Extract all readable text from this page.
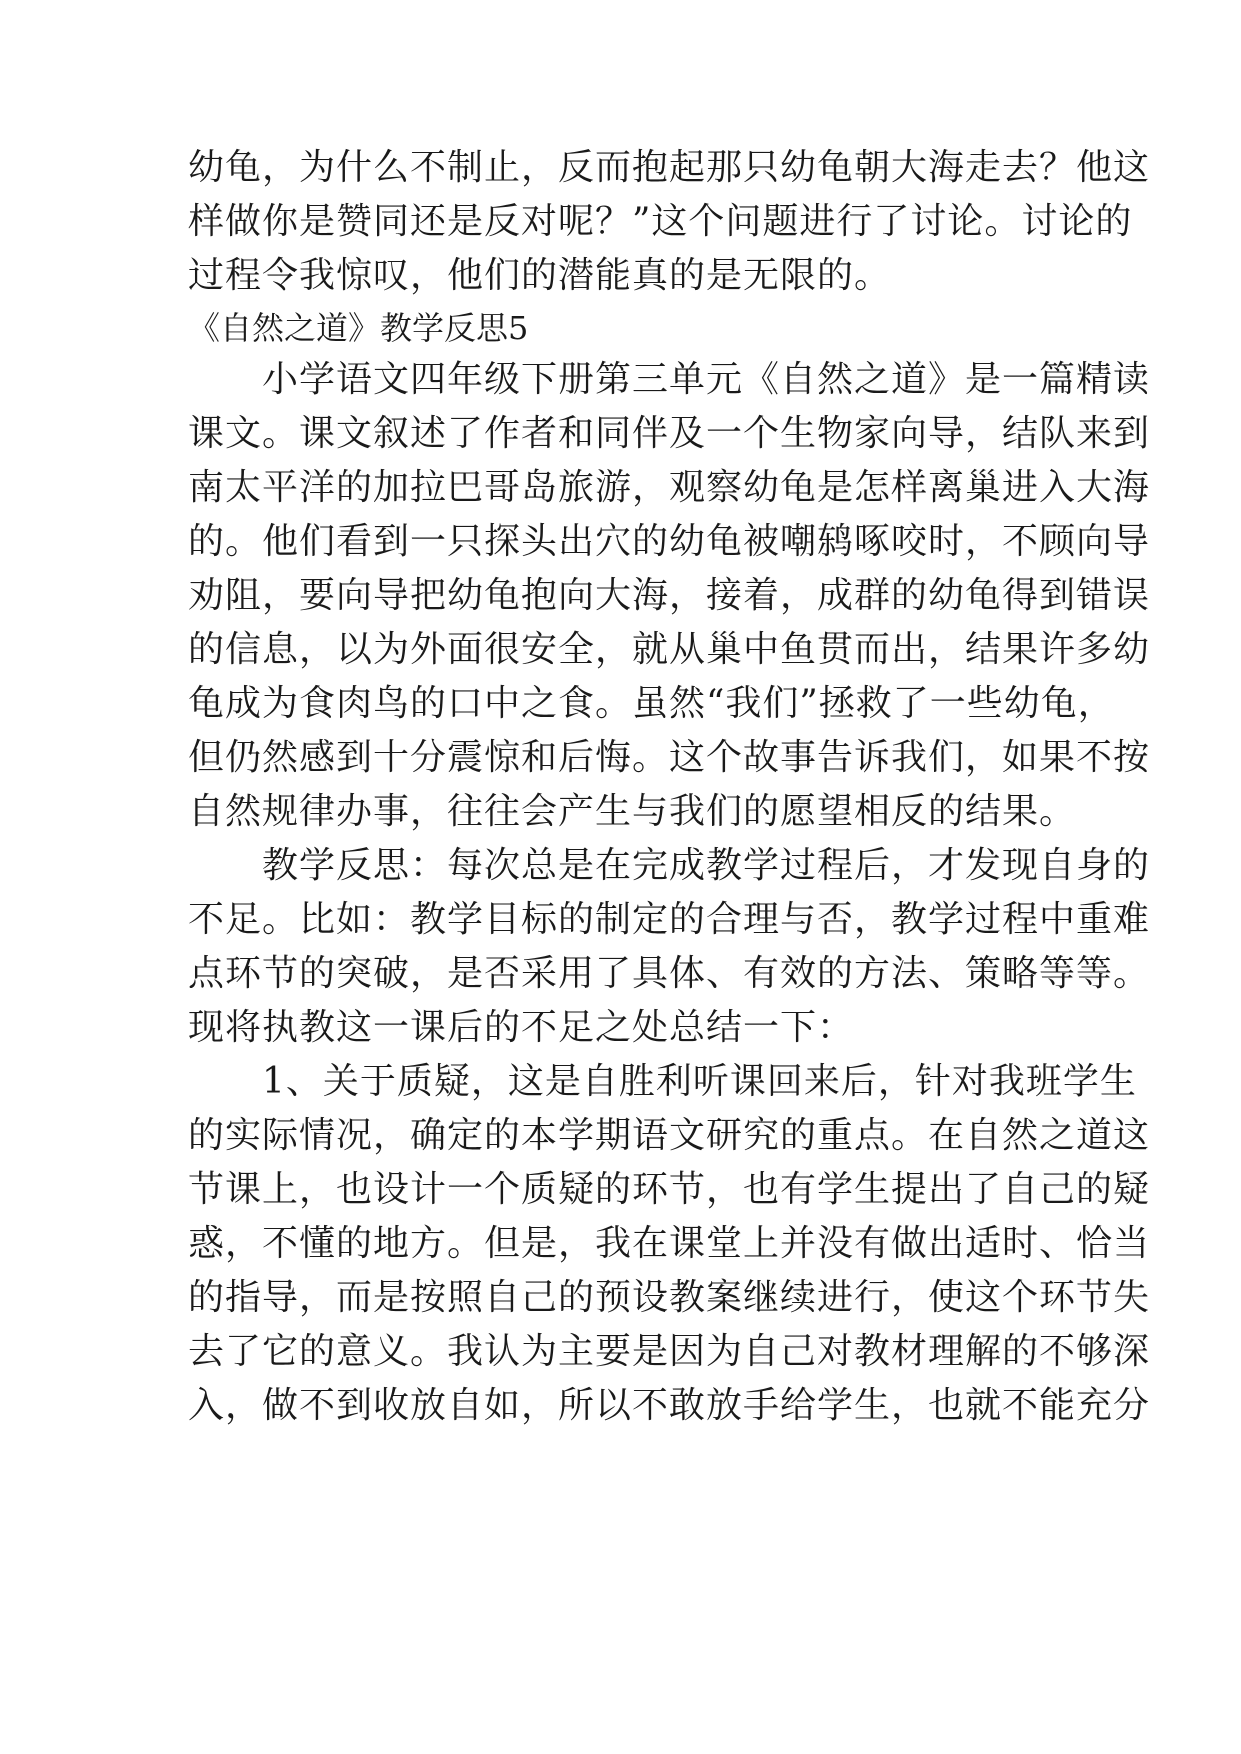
幼龟，为什么不制止，反而抱起那只幼龟朝大海走去？他这
样做你是赞同还是反对呢？”这个问题进行了讨论。讨论的
过程令我惊叹，他们的潜能真的是无限的。
《自然之道》教学反思5
　　小学语文四年级下册第三单元《自然之道》是一篇精读
课文。课文叙述了作者和同伴及一个生物家向导，结队来到
南太平洋的加拉巴哥岛旅游，观察幼龟是怎样离巢进入大海
的。他们看到一只探头出穴的幼龟被嘲鸫啄咬时，不顾向导
劝阻，要向导把幼龟抱向大海，接着，成群的幼龟得到错误
的信息，以为外面很安全，就从巢中鱼贯而出，结果许多幼
龟成为食肉鸟的口中之食。虽然“我们”拯救了一些幼龟，
但仍然感到十分震惊和后悔。这个故事告诉我们，如果不按
自然规律办事，往往会产生与我们的愿望相反的结果。
　　教学反思：每次总是在完成教学过程后，才发现自身的
不足。比如：教学目标的制定的合理与否，教学过程中重难
点环节的突破，是否采用了具体、有效的方法、策略等等。
现将执教这一课后的不足之处总结一下：
　　1、关于质疑，这是自胜利听课回来后，针对我班学生
的实际情况，确定的本学期语文研究的重点。在自然之道这
节课上，也设计一个质疑的环节，也有学生提出了自己的疑
惑，不懂的地方。但是，我在课堂上并没有做出适时、恰当
的指导，而是按照自己的预设教案继续进行，使这个环节失
去了它的意义。我认为主要是因为自己对教材理解的不够深
入，做不到收放自如，所以不敢放手给学生，也就不能充分
